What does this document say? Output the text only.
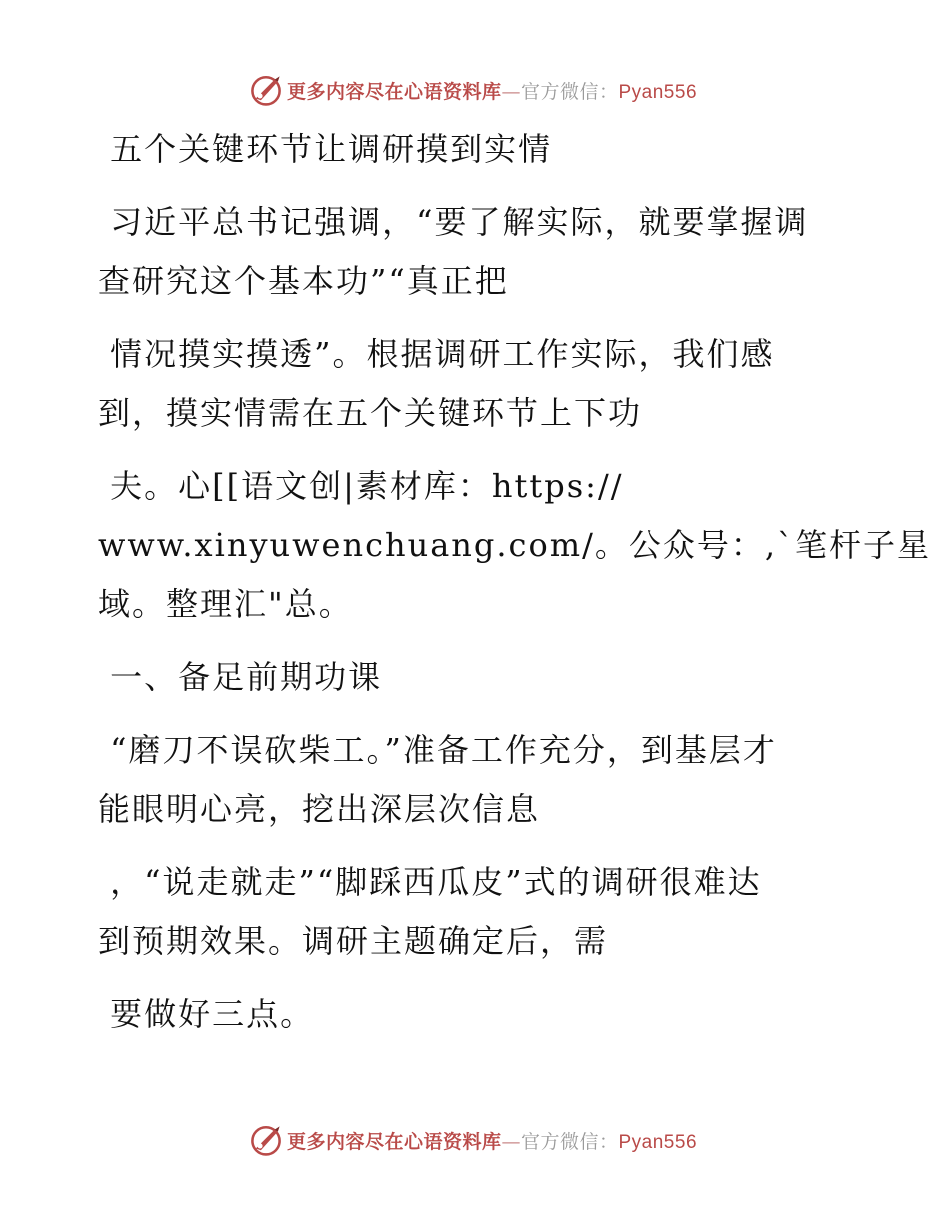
更多内容尽在心语资料库—官方微信：Pyan556

五个关键环节让调研摸到实情

习近平总书记强调，“要了解实际，就要掌握调

查研究这个基本功”“真正把

情况摸实摸透”。根据调研工作实际，我们感

到，摸实情需在五个关键环节上下功

夫。心[[语文创|素材库：https://

www.xinyuwenchuang.com/。公众号：,`笔杆子星

域。整理汇"总。

一、备足前期功课

“磨刀不误砍柴工。”准备工作充分，到基层才

能眼明心亮，挖出深层次信息

，“说走就走”“脚踩西瓜皮”式的调研很难达

到预期效果。调研主题确定后，需

要做好三点。

更多内容尽在心语资料库—官方微信：Pyan556
